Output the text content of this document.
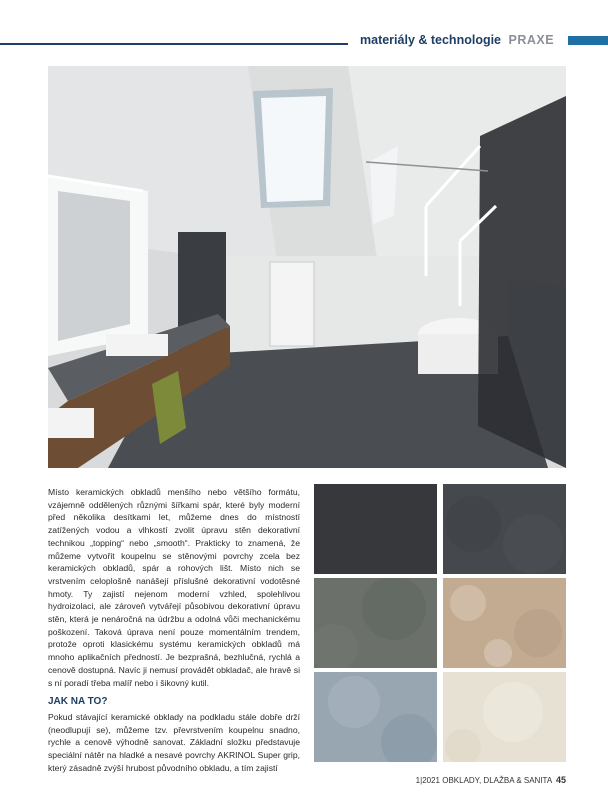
materiály & technologie PRAXE

Místo keramických obkladů menšího nebo většího formátu, vzájemně oddělených různými šířkami spár, které byly moderní před několika desítkami let, můžeme dnes do místností zatížených vodou a vlhkostí zvolit úpravu stěn dekorativní technikou „topping“ nebo „smooth“. Prakticky to znamená, že můžeme vytvořit koupelnu se stěnovými povrchy zcela bez keramických obkladů, spár a rohových lišt. Místo nich se vrstvením celoplošně nanášejí příslušné dekorativní vodotěsné hmoty. Ty zajistí nejenom moderní vzhled, spolehlivou hydroizolaci, ale zároveň vytvářejí působivou dekorativní úpravu stěn, která je nenáročná na údržbu a odolná vůči mechanickému poškození. Taková úprava není pouze momentálním trendem, protože oproti klasickému systému keramických obkladů má mnoho aplikačních předností. Je bezprašná, bezhlučná, rychlá a cenově dostupná. Navíc ji nemusí provádět obkladač, ale hravě si s ní poradí třeba malíř nebo i šikovný kutil.

JAK NA TO?

Pokud stávající keramické obklady na podkladu stále dobře drží (neodlupují se), můžeme tzv. převrstvením koupelnu snadno, rychle a cenově výhodně sanovat. Základní složku představuje speciální nátěr na hladké a nesavé povrchy AKRINOL Super grip, který zásadně zvýší hrubost původního obkladu, a tím zajistí

1|2021 OBKLADY, DLAŽBA & SANITA 45
